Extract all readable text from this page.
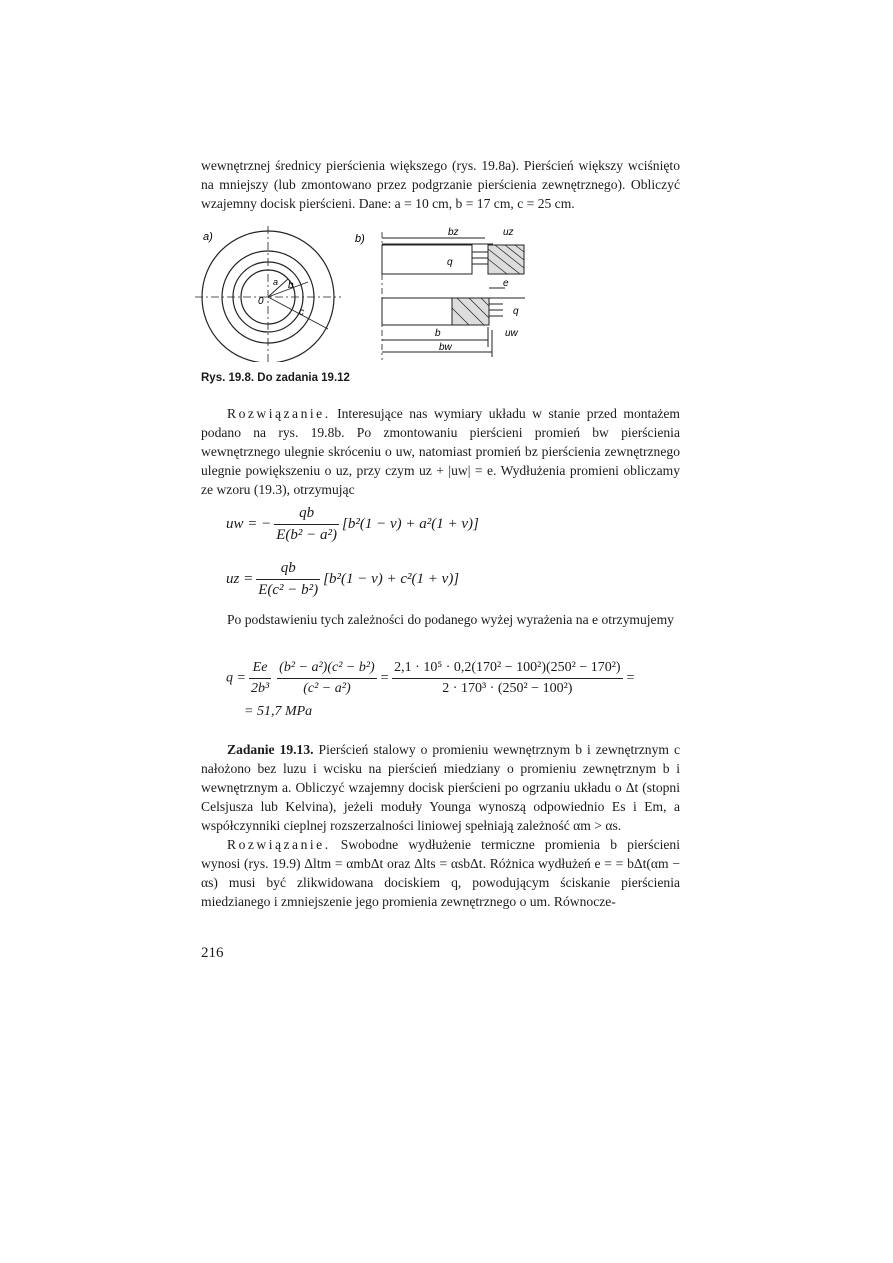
wewnętrznej średnicy pierścienia większego (rys. 19.8a). Pierścień większy wciśnięto na mniejszy (lub zmontowano przez podgrzanie pierścienia zewnętrznego). Obliczyć wzajemny docisk pierścieni. Dane: a = 10 cm, b = 17 cm, c = 25 cm.

a)
a b
c
0
b)
bz	uz
q
e
q
b	uw
bw
Rys. 19.8. Do zadania 19.12

Rozwiązanie. Interesujące nas wymiary układu w stanie przed montażem podano na rys. 19.8b. Po zmontowaniu pierścieni promień bw pierścienia wewnętrznego ulegnie skróceniu o uw, natomiast promień bz pierścienia zewnętrznego ulegnie powiększeniu o uz, przy czym uz + |uw| = e. Wydłużenia promieni obliczamy ze wzoru (19.3), otrzymując

uw = − $\frac{qb}{\text{E(b² − a²)}} [b^2(1 - \nu) + a^2(1 + \nu)]$
uz = $\frac{qb}{\text{E(c² − b²)}} [b^2(1 - \nu) + c^2(1 + \nu)]$

Po podstawieniu tych zależności do podanego wyżej wyrażenia na e otrzymujemy

$q = \frac{Ee}{\text{2b³}} \frac{\text{(b² − a²)(c² − b²)}}{\text{(c² − a²)}} = \frac{\text{2,1 · 10⁵ · 0,2(170² − 100²)(250² − 170²)}}{\text{2 · 170³ · (250² − 100²)}}$ =
= 51,7 MPa

Zadanie 19.13. Pierścień stalowy o promieniu wewnętrznym b i zewnętrznym c nałożono bez luzu i wcisku na pierścień miedziany o promieniu zewnętrznym b i wewnętrznym a. Obliczyć wzajemny docisk pierścieni po ogrzaniu układu o Δt (stopni Celsjusza lub Kelvina), jeżeli moduły Younga wynoszą odpowiednio Es i Em, a współczynniki cieplnej rozszerzalności liniowej spełniają zależność αm > αs.

Rozwiązanie. Swobodne wydłużenie termiczne promienia b pierścieni wynosi (rys. 19.9) Δltm = αmbΔt oraz Δlts = αsbΔt. Różnica wydłużeń e = = bΔt(αm − αs) musi być zlikwidowana dociskiem q, powodującym ściskanie pierścienia miedzianego i zmniejszenie jego promienia zewnętrznego o um. Równocze-

216
